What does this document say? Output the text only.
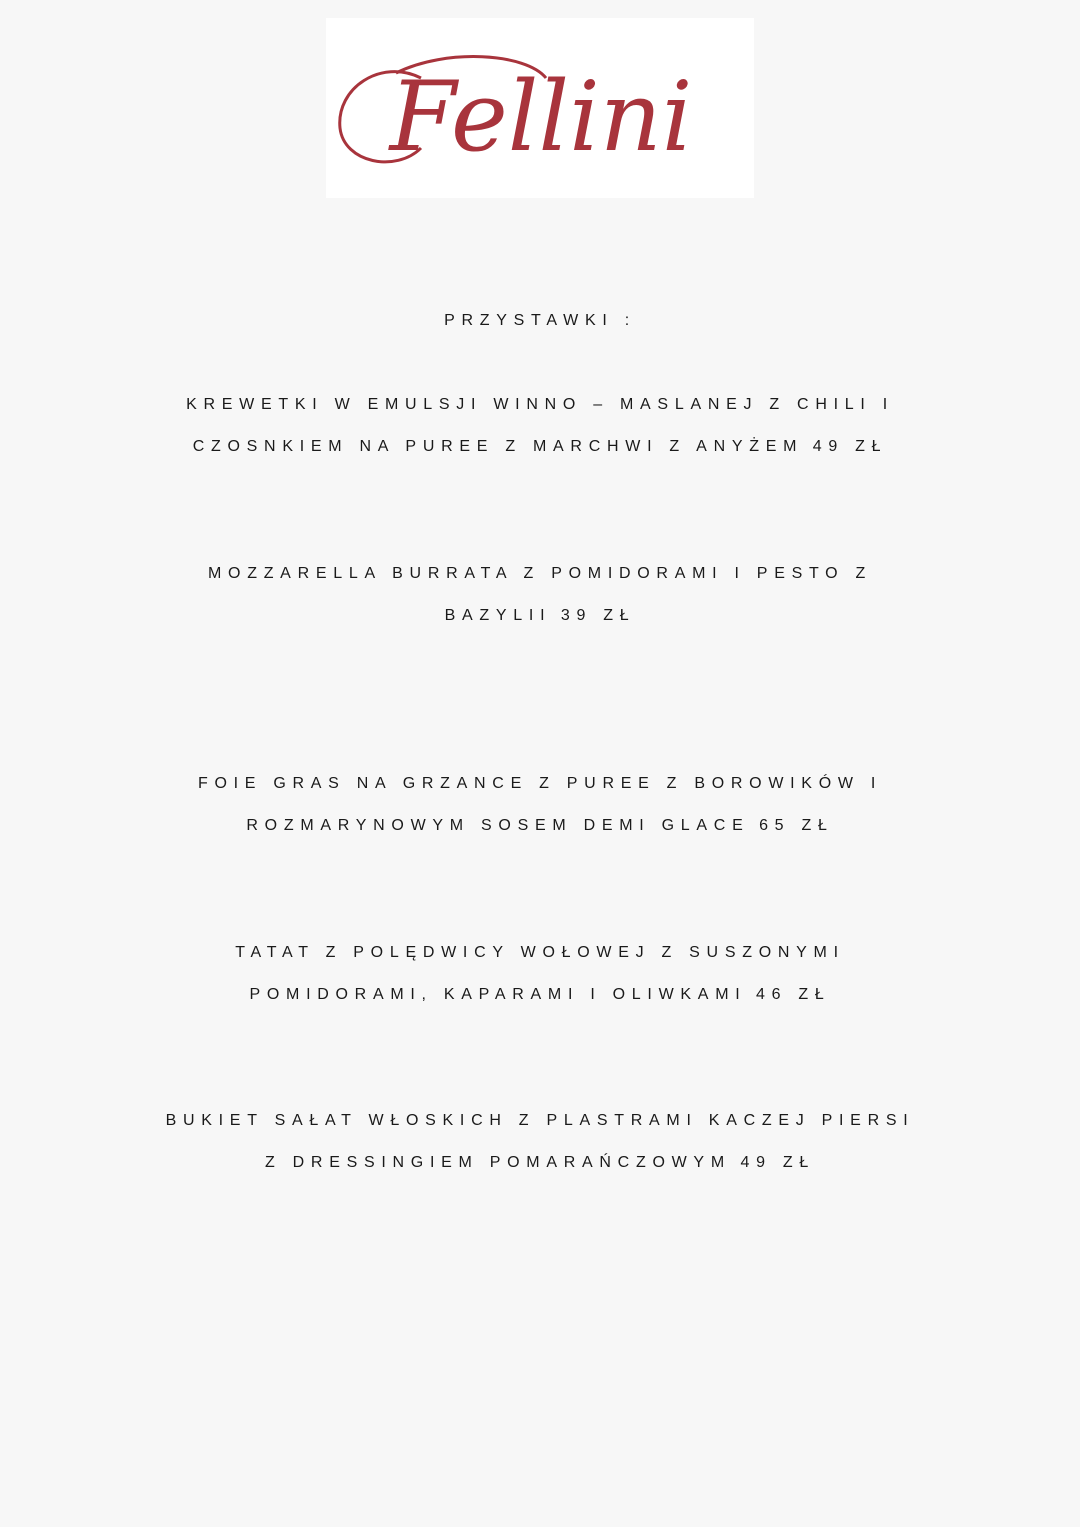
Fellini
PRZYSTAWKI :
KREWETKI W EMULSJI WINNO – MASLANEJ Z CHILI I
CZOSNKIEM NA PUREE Z MARCHWI Z ANYŻEM 49 ZŁ
MOZZARELLA BURRATA Z POMIDORAMI I PESTO Z
BAZYLII 39 ZŁ
FOIE GRAS NA GRZANCE Z PUREE Z BOROWIKÓW I
ROZMARYNOWYM SOSEM DEMI GLACE 65 ZŁ
TATAT Z POLĘDWICY WOŁOWEJ Z SUSZONYMI
POMIDORAMI, KAPARAMI I OLIWKAMI 46 ZŁ
BUKIET SAŁAT WŁOSKICH Z PLASTRAMI KACZEJ PIERSI
Z DRESSINGIEM POMARAŃCZOWYM 49 ZŁ
